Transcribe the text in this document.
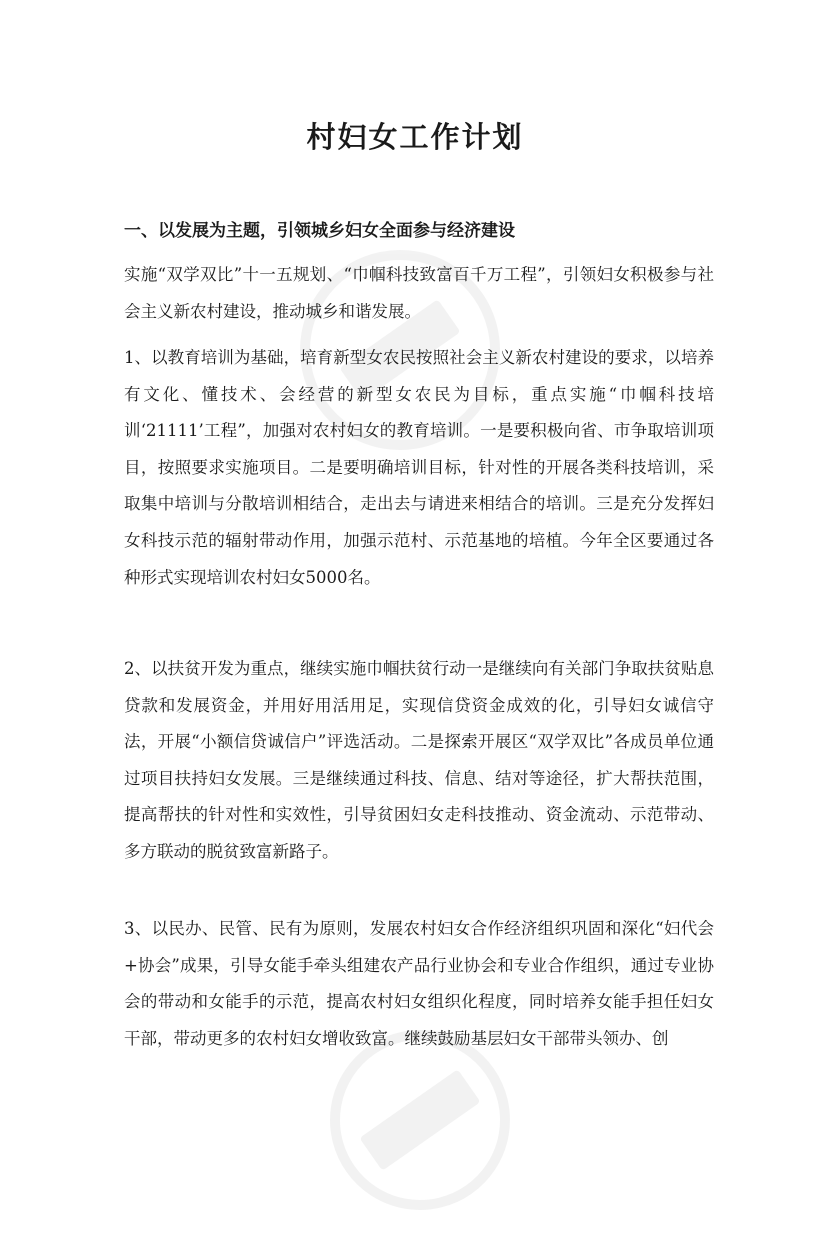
村妇女工作计划
一、以发展为主题，引领城乡妇女全面参与经济建设
实施“双学双比”十一五规划、“巾帼科技致富百千万工程”，引领妇女积极参与社会主义新农村建设，推动城乡和谐发展。
1、以教育培训为基础，培育新型女农民按照社会主义新农村建设的要求，以培养有文化、懂技术、会经营的新型女农民为目标，重点实施“巾帼科技培训‘21111’工程”，加强对农村妇女的教育培训。一是要积极向省、市争取培训项目，按照要求实施项目。二是要明确培训目标，针对性的开展各类科技培训，采取集中培训与分散培训相结合，走出去与请进来相结合的培训。三是充分发挥妇女科技示范的辐射带动作用，加强示范村、示范基地的培植。今年全区要通过各种形式实现培训农村妇女5000名。
2、以扶贫开发为重点，继续实施巾帼扶贫行动一是继续向有关部门争取扶贫贴息贷款和发展资金，并用好用活用足，实现信贷资金成效的化，引导妇女诚信守法，开展“小额信贷诚信户”评选活动。二是探索开展区“双学双比”各成员单位通过项目扶持妇女发展。三是继续通过科技、信息、结对等途径，扩大帮扶范围，提高帮扶的针对性和实效性，引导贫困妇女走科技推动、资金流动、示范带动、多方联动的脱贫致富新路子。
3、以民办、民管、民有为原则，发展农村妇女合作经济组织巩固和深化“妇代会+协会”成果，引导女能手牵头组建农产品行业协会和专业合作组织，通过专业协会的带动和女能手的示范，提高农村妇女组织化程度，同时培养女能手担任妇女干部，带动更多的农村妇女增收致富。继续鼓励基层妇女干部带头领办、创
